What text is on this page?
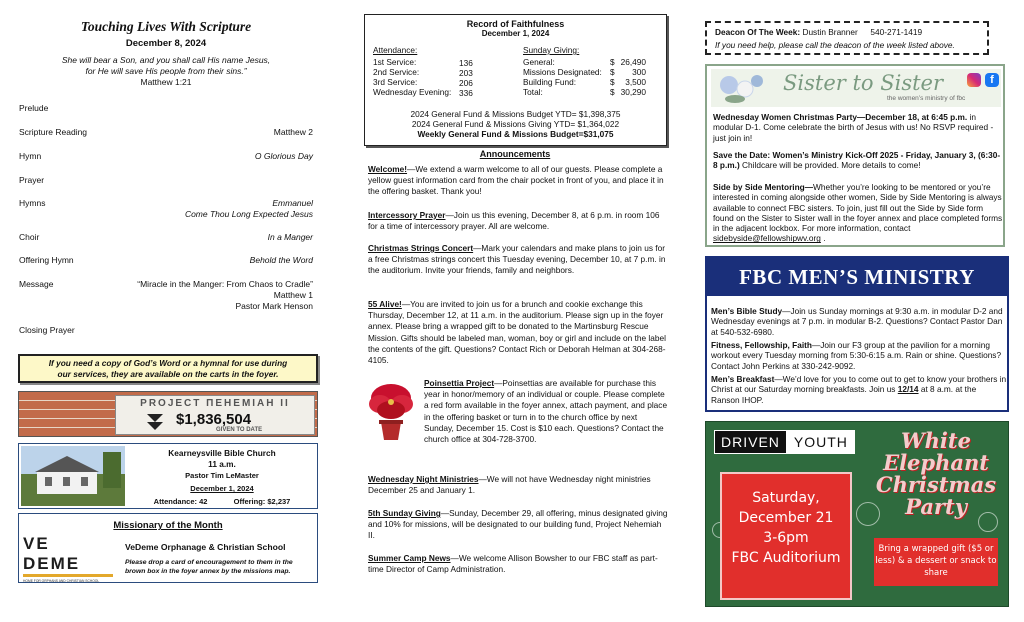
Touching Lives With Scripture
December 8, 2024
She will bear a Son, and you shall call His name Jesus,
for He will save His people from their sins.”
Matthew 1:21
Prelude
Scripture Reading	Matthew 2
Hymn	O Glorious Day
Prayer
Hymns	Emmanuel
Come Thou Long Expected Jesus
Choir	In a Manger
Offering Hymn	Behold the Word
Message	“Miracle in the Manger: From Chaos to Cradle”
Matthew 1
Pastor Mark Henson
Closing Prayer
If you need a copy of God’s Word or a hymnal for use during
our services, they are available on the carts in the foyer.
PROJECT ΠEHEMIAH II
$1,836,504
GIVEN TO DATE
Kearneysville Bible Church
11 a.m.
Pastor Tim LeMaster
December 1, 2024
Attendance: 42	Offering: $2,237
Missionary of the Month
VE DEME
HOME FOR ORPHANS AND CHRISTIAN SCHOOL
VeDeme Orphanage & Christian School
Please drop a card of encouragement to them in the
brown box in the foyer annex by the missions map.
Record of Faithfulness
December 1, 2024
Attendance:	Sunday Giving:
1st Service:	136
2nd Service:	203
3rd Service:	206
Wednesday Evening: 336
General:	$ 26,490
Missions Designated: $ 300
Building Fund:	$ 3,500
Total:	$ 30,290
2024 General Fund & Missions Budget YTD= $1,398,375
2024 General Fund & Missions Giving YTD= $1,364,022
Weekly General Fund & Missions Budget=$31,075
Announcements
Welcome!—We extend a warm welcome to all of our guests. Please complete a yellow guest information card from the chair pocket in front of you, and place it in the offering basket. Thank you!
Intercessory Prayer—Join us this evening, December 8, at 6 p.m. in room 106 for a time of intercessory prayer. All are welcome.
Christmas Strings Concert—Mark your calendars and make plans to join us for a free Christmas strings concert this Tuesday evening, December 10, at 7 p.m. in the auditorium. Invite your friends, family and neighbors.
55 Alive!—You are invited to join us for a brunch and cookie exchange this Thursday, December 12, at 11 a.m. in the auditorium. Please sign up in the foyer annex. Please bring a wrapped gift to be donated to the Martinsburg Rescue Mission. Gifts should be labeled man, woman, boy or girl and include on the label the contents of the gift. Questions? Contact Rich or Deborah Helman at 304-268-4105.
Poinsettia Project—Poinsettias are available for purchase this year in honor/memory of an individual or couple. Please complete a red form available in the foyer annex, attach payment, and place in the offering basket or turn in to the church office by next Sunday, December 15. Cost is $10 each. Questions? Contact the church office at 304-728-3700.
Wednesday Night Ministries—We will not have Wednesday night ministries December 25 and January 1.
5th Sunday Giving—Sunday, December 29, all offering, minus designated giving and 10% for missions, will be designated to our building fund, Project Nehemiah II.
Summer Camp News—We welcome Allison Bowsher to our FBC staff as part-time Director of Camp Administration.
Deacon Of The Week: Dustin Branner 540-271-1419
If you need help, please call the deacon of the week listed above.
Sister to Sister
the women’s ministry of fbc
f
Wednesday Women Christmas Party—December 18, at 6:45 p.m. in modular D-1. Come celebrate the birth of Jesus with us! No RSVP required - just join in!
Save the Date: Women’s Ministry Kick-Off 2025 - Friday, January 3, (6:30-8 p.m.) Childcare will be provided. More details to come!
Side by Side Mentoring—Whether you’re looking to be mentored or you’re interested in coming alongside other women, Side by Side Mentoring is always available to connect FBC sisters. To join, just fill out the Side by Side form found on the Sister to Sister wall in the foyer annex and place completed forms in the adjacent lockbox. For more information, contact sidebyside@fellowshipwv.org .
FBC MEN’S MINISTRY
Men’s Bible Study—Join us Sunday mornings at 9:30 a.m. in modular D-2 and Wednesday evenings at 7 p.m. in modular B-2. Questions? Contact Pastor Dan at 540-532-6980.
Fitness, Fellowship, Faith—Join our F3 group at the pavilion for a morning workout every Tuesday morning from 5:30-6:15 a.m. Rain or shine. Questions? Contact John Perkins at 330-242-9092.
Men’s Breakfast—We’d love for you to come out to get to know your brothers in Christ at our Saturday morning breakfasts. Join us 12/14 at 8 a.m. at the Ranson IHOP.
DRIVEN	YOUTH
Saturday,
December 21
3-6pm
FBC Auditorium
White
Elephant
Christmas
Party
Bring a wrapped gift ($5 or less) & a dessert or snack to share
